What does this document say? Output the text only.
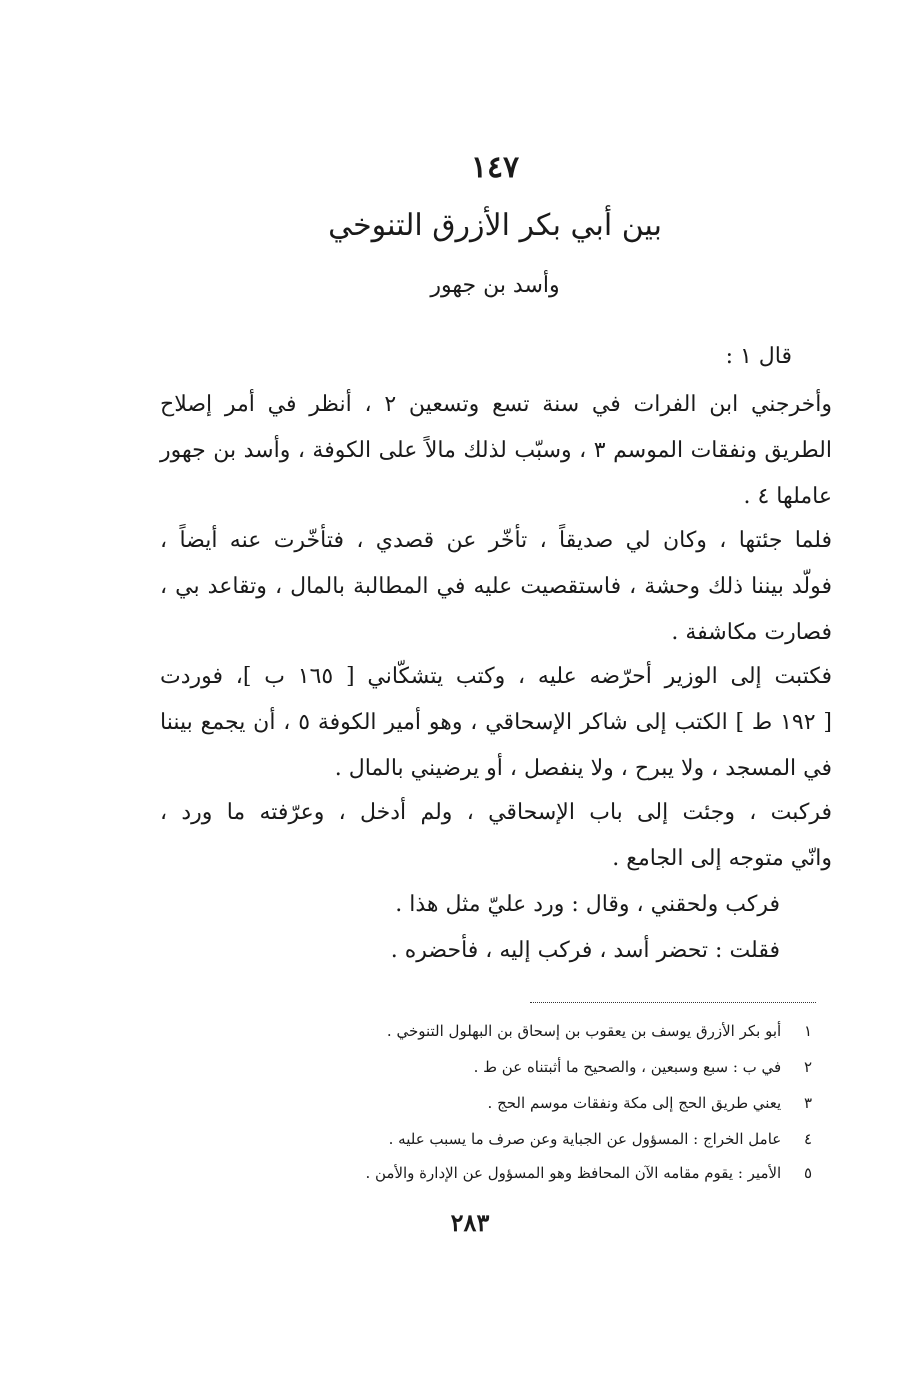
١٤٧
بين أبي بكر الأزرق التنوخي
وأسد بن جهور
قال ١ :
وأخرجني ابن الفرات في سنة تسع وتسعين ٢ ، أنظر في أمر إصلاح
الطريق ونفقات الموسم ٣ ، وسبّب لذلك مالاً على الكوفة ، وأسد بن جهور
عاملها ٤ .
فلما جئتها ، وكان لي صديقاً ، تأخّر عن قصدي ، فتأخّرت عنه أيضاً ،
فولّد بيننا ذلك وحشة ، فاستقصيت عليه في المطالبة بالمال ، وتقاعد بي ،
فصارت مكاشفة .
فكتبت إلى الوزير أحرّضه عليه ، وكتب يتشكّاني [ ١٦٥ ب ]، فوردت
[ ١٩٢ ط ] الكتب إلى شاكر الإسحاقي ، وهو أمير الكوفة ٥ ، أن يجمع بيننا
في المسجد ، ولا يبرح ، ولا ينفصل ، أو يرضيني بالمال .
فركبت ، وجئت إلى باب الإسحاقي ، ولم أدخل ، وعرّفته ما ورد ،
وانّي متوجه إلى الجامع .
فركب ولحقني ، وقال : ورد عليّ مثل هذا .
فقلت : تحضر أسد ، فركب إليه ، فأحضره .
١ أبو بكر الأزرق يوسف بن يعقوب بن إسحاق بن البهلول التنوخي .
٢ في ب : سبع وسبعين ، والصحيح ما أثبتناه عن ط .
٣ يعني طريق الحج إلى مكة ونفقات موسم الحج .
٤ عامل الخراج : المسؤول عن الجباية وعن صرف ما يسبب عليه .
٥ الأمير : يقوم مقامه الآن المحافظ وهو المسؤول عن الإدارة والأمن .
٢٨٣
